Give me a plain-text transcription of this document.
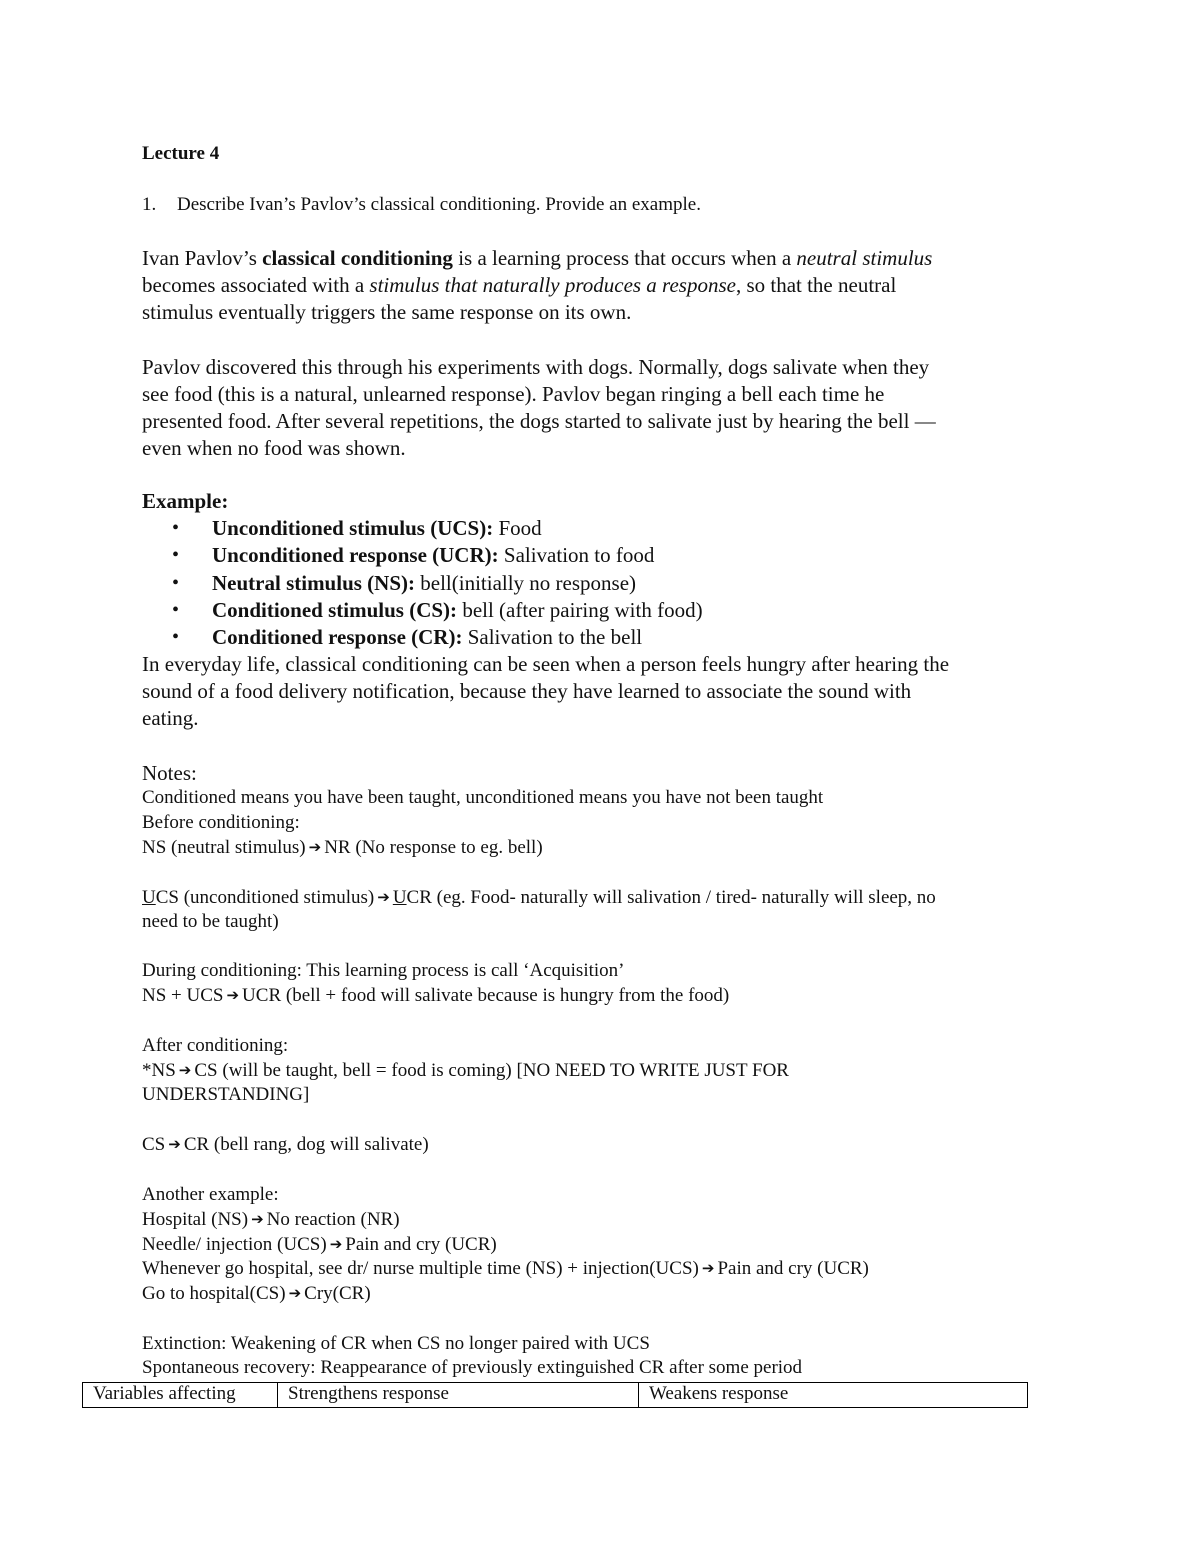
Lecture 4

1. Describe Ivan’s Pavlov’s classical conditioning. Provide an example.

Ivan Pavlov’s classical conditioning is a learning process that occurs when a neutral stimulus

becomes associated with a stimulus that naturally produces a response, so that the neutral

stimulus eventually triggers the same response on its own.

Pavlov discovered this through his experiments with dogs. Normally, dogs salivate when they

see food (this is a natural, unlearned response). Pavlov began ringing a bell each time he

presented food. After several repetitions, the dogs started to salivate just by hearing the bell —

even when no food was shown.

Example:

• Unconditioned stimulus (UCS): Food
• Unconditioned response (UCR): Salivation to food
• Neutral stimulus (NS): bell(initially no response)
• Conditioned stimulus (CS): bell (after pairing with food)
• Conditioned response (CR): Salivation to the bell

In everyday life, classical conditioning can be seen when a person feels hungry after hearing the

sound of a food delivery notification, because they have learned to associate the sound with

eating.

Notes:

Conditioned means you have been taught, unconditioned means you have not been taught

Before conditioning:

NS (neutral stimulus) ➔ NR (No response to eg. bell)

UCS (unconditioned stimulus) ➔ UCR (eg. Food- naturally will salivation / tired- naturally will sleep, no

need to be taught)

During conditioning: This learning process is call ‘Acquisition’

NS + UCS ➔ UCR (bell + food will salivate because is hungry from the food)

After conditioning:

*NS ➔ CS (will be taught, bell = food is coming) [NO NEED TO WRITE JUST FOR

UNDERSTANDING]

CS ➔ CR (bell rang, dog will salivate)

Another example:

Hospital (NS) ➔ No reaction (NR)

Needle/ injection (UCS) ➔ Pain and cry (UCR)

Whenever go hospital, see dr/ nurse multiple time (NS) + injection(UCS) ➔ Pain and cry (UCR)

Go to hospital(CS) ➔ Cry(CR)

Extinction: Weakening of CR when CS no longer paired with UCS

Spontaneous recovery: Reappearance of previously extinguished CR after some period

Variables affecting	Strengthens response	Weakens response
